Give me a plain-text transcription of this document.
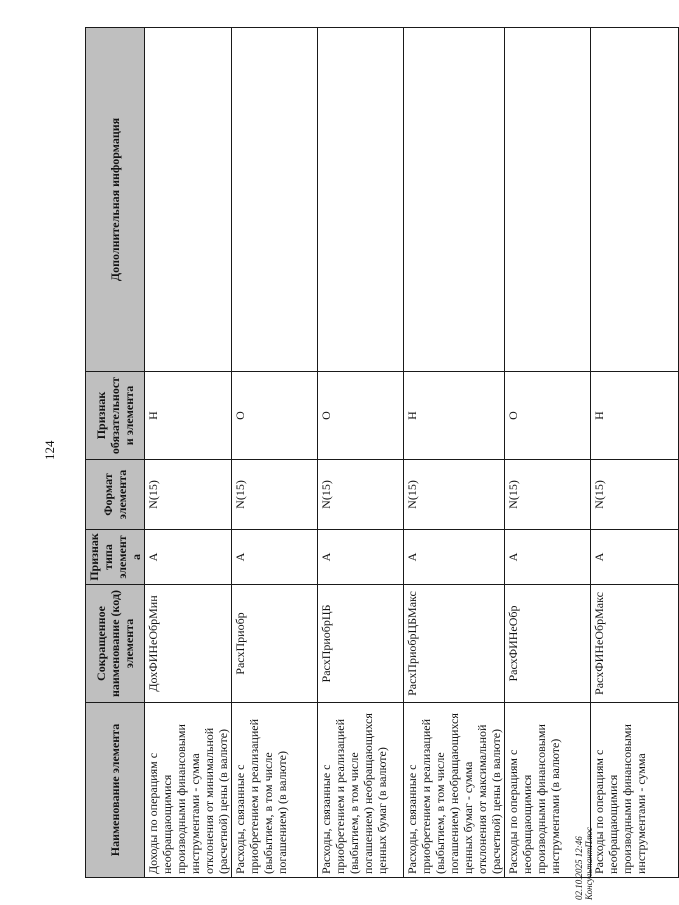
124
Наименование элемента	Сокращенное наименование (код) элемента	Признак типа элемента	Формат элемента	Признак обязательности элемента	Дополнительная информация
Доходы по операциям с необращающимися производными финансовыми инструментами - сумма отклонения от минимальной (расчетной) цены (в валюте)	ДохФИНеОбрМин	А	N(15)	Н	
Расходы, связанные с приобретением и реализацией (выбытием, в том числе погашением) (в валюте)	РасхПриобр	А	N(15)	О	
Расходы, связанные с приобретением и реализацией (выбытием, в том числе погашением) необращающихся ценных бумаг (в валюте)	РасхПриобрЦБ	А	N(15)	О	
Расходы, связанные с приобретением и реализацией (выбытием, в том числе погашением) необращающихся ценных бумаг - сумма отклонения от максимальной (расчетной) цены (в валюте)	РасхПриобрЦБМакс	А	N(15)	Н	
Расходы по операциям с необращающимися производными финансовыми инструментами (в валюте)	РасхФИНеОбр	А	N(15)	О	
Расходы по операциям с необращающимися производными финансовыми инструментами - сумма	РасхФИНеОбрМакс	А	N(15)	Н	
02.10.2025 12:46 КонсультантПлюс
